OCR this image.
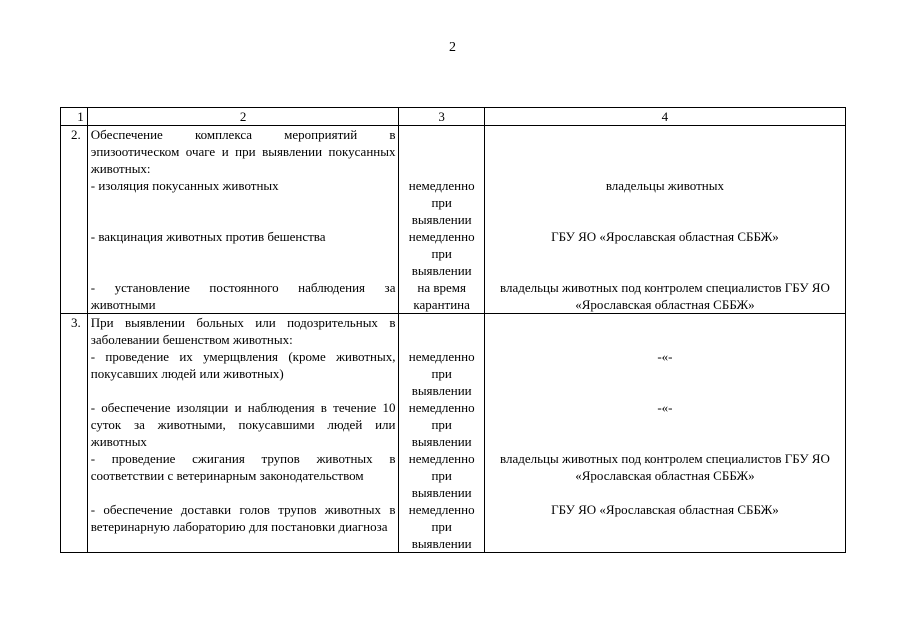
2
1	2	3	4
2.	Обеспечение комплекса мероприятий в эпизоотическом очаге и при выявлении покусанных животных:		
	- изоляция покусанных животных	немедленно при выявлении	владельцы животных
	- вакцинация животных против бешенства	немедленно при выявлении	ГБУ ЯО «Ярославская областная СББЖ»
	- установление постоянного наблюдения за животными	на время карантина	владельцы животных под контролем специалистов ГБУ ЯО «Ярославская областная СББЖ»
3.	При выявлении больных или подозрительных в заболевании бешенством животных:		
	- проведение их умерщвления (кроме животных, покусавших людей или животных)	немедленно при выявлении	-«-
	- обеспечение изоляции и наблюдения в течение 10 суток за животными, покусавшими людей или животных	немедленно при выявлении	-«-
	- проведение сжигания трупов животных в соответствии с ветеринарным законодательством	немедленно при выявлении	владельцы животных под контролем специалистов ГБУ ЯО «Ярославская областная СББЖ»
	- обеспечение доставки голов трупов животных в ветеринарную лабораторию для постановки диагноза	немедленно при выявлении	ГБУ ЯО «Ярославская областная СББЖ»
